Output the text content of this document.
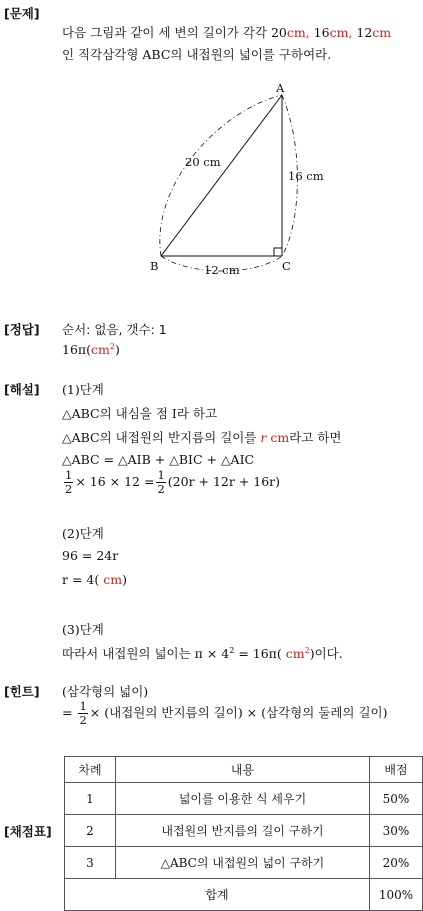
[문제]
다음 그림과 같이 세 변의 길이가 각각 20cm, 16cm, 12cm
인 직각삼각형 ABC의 내접원의 넓이를 구하여라.
A
B	C
20 cm
16 cm
12 cm
[정답] 순서: 없음, 갯수: 1
$16\pi(cm^2)$
[해설] (1)단계
△ABC의 내심을 점 I라 하고
△ABC의 내접원의 반지름의 길이를 r cm라고 하면
△ABC = △AIB + △BIC + △AIC
$\frac{1}{2} \times 16 \times 12 = \frac{1}{2} (20r + 12r + 16r)$
(2)단계
96 = 24r
r = 4( cm)
(3)단계
따라서 내접원의 넓이는 $\pi \times 4^2 = 16\pi$( $cm^2$)이다.
[힌트] (삼각형의 넓이)
= $\frac{1}{2}$ × (내접원의 반지름의 길이) × (삼각형의 둘레의 길이)
[채점표]
차례	내용	배점
1	넓이를 이용한 식 세우기	50%
2	내접원의 반지름의 길이 구하기	30%
3	△ABC의 내접원의 넓이 구하기	20%
합계		100%
